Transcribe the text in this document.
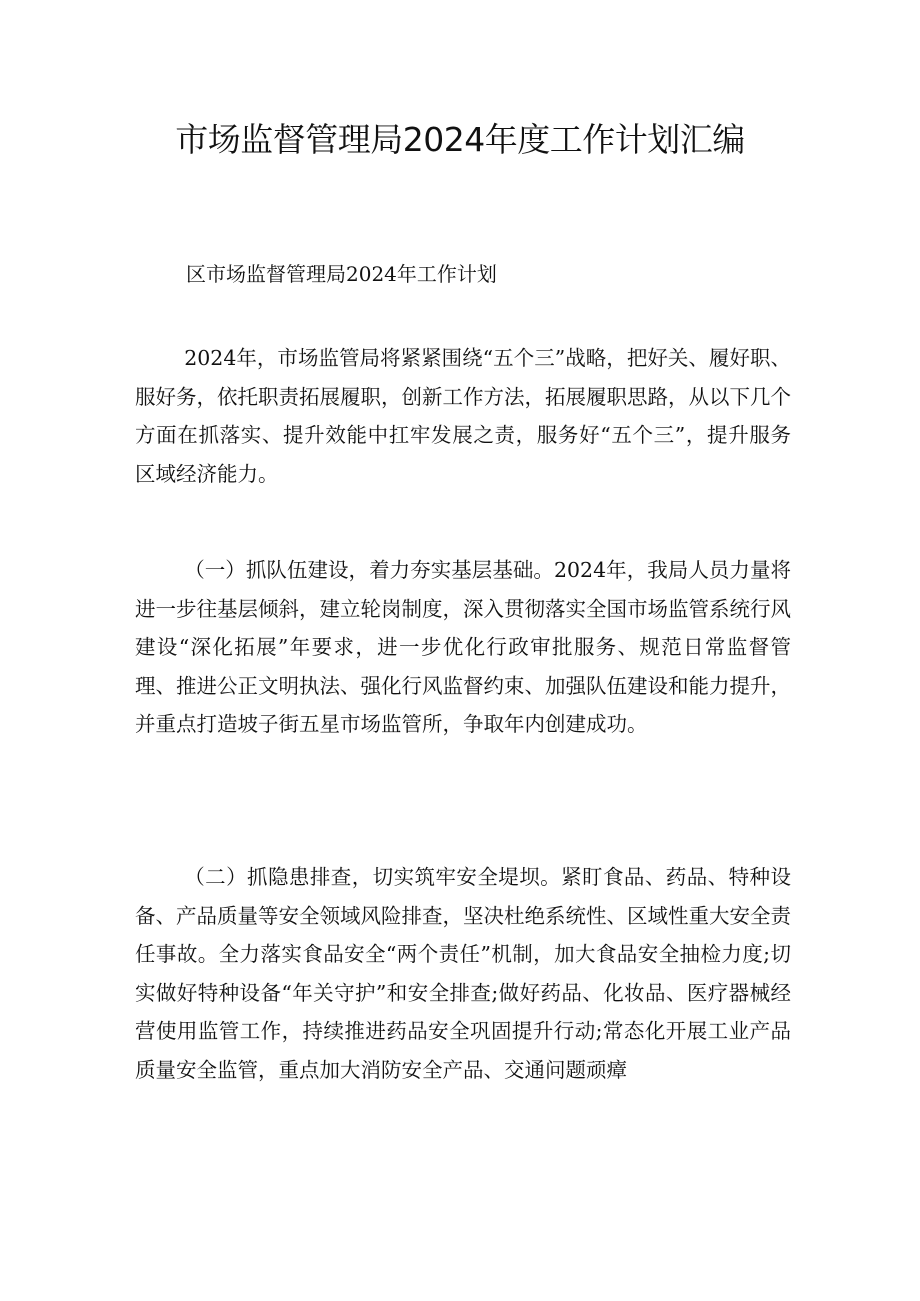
市场监督管理局2024年度工作计划汇编

区市场监督管理局2024年工作计划

2024年，市场监管局将紧紧围绕“五个三”战略，把好关、履好职、服好务，依托职责拓展履职，创新工作方法，拓展履职思路，从以下几个方面在抓落实、提升效能中扛牢发展之责，服务好“五个三”，提升服务区域经济能力。

（一）抓队伍建设，着力夯实基层基础。2024年，我局人员力量将进一步往基层倾斜，建立轮岗制度，深入贯彻落实全国市场监管系统行风建设“深化拓展”年要求，进一步优化行政审批服务、规范日常监督管理、推进公正文明执法、强化行风监督约束、加强队伍建设和能力提升，并重点打造坡子街五星市场监管所，争取年内创建成功。

（二）抓隐患排查，切实筑牢安全堤坝。紧盯食品、药品、特种设备、产品质量等安全领域风险排查，坚决杜绝系统性、区域性重大安全责任事故。全力落实食品安全“两个责任”机制，加大食品安全抽检力度;切实做好特种设备“年关守护”和安全排查;做好药品、化妆品、医疗器械经营使用监管工作，持续推进药品安全巩固提升行动;常态化开展工业产品质量安全监管，重点加大消防安全产品、交通问题顽瘴
